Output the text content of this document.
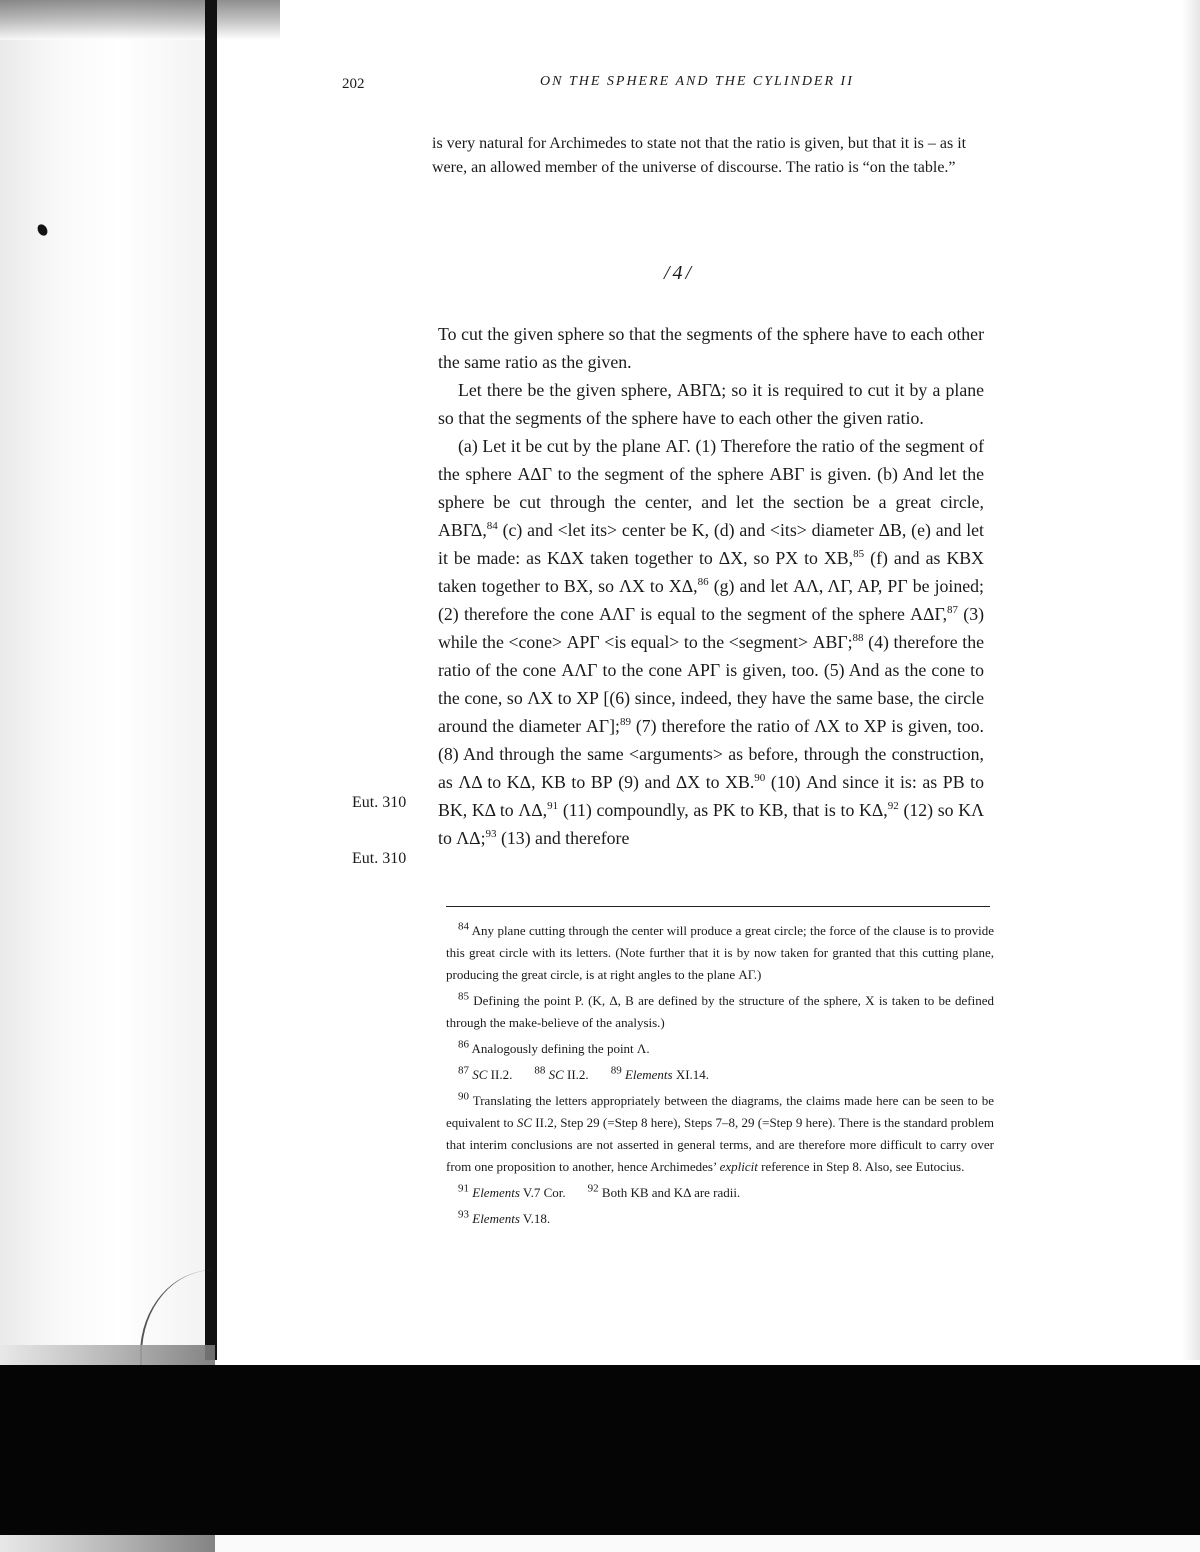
202	ON THE SPHERE AND THE CYLINDER II

is very natural for Archimedes to state not that the ratio is given, but that it is – as it were, an allowed member of the universe of discourse. The ratio is “on the table.”

/4/

To cut the given sphere so that the segments of the sphere have to each other the same ratio as the given.

Let there be the given sphere, ΑΒΓΔ; so it is required to cut it by a plane so that the segments of the sphere have to each other the given ratio.

(a) Let it be cut by the plane ΑΓ. (1) Therefore the ratio of the segment of the sphere ΑΔΓ to the segment of the sphere ΑΒΓ is given. (b) And let the sphere be cut through the center, and let the section be a great circle, ΑΒΓΔ,$^{84}$ (c) and <let its> center be K, (d) and <its> diameter ΔΒ, (e) and let it be made: as ΚΔΧ taken together to ΔΧ, so ΡΧ to ΧΒ,$^{85}$ (f) and as ΚΒΧ taken together to ΒΧ, so ΛΧ to ΧΔ,$^{86}$ (g) and let ΑΛ, ΛΓ, ΑΡ, ΡΓ be joined; (2) therefore the cone ΑΛΓ is equal to the segment of the sphere ΑΔΓ,$^{87}$ (3) while the <cone> ΑΡΓ <is equal> to the <segment> ΑΒΓ;$^{88}$ (4) therefore the ratio of the cone ΑΛΓ to the cone ΑΡΓ is given, too. (5) And as the cone to the cone, so ΛΧ to ΧΡ [(6) since, indeed, they have the same base, the circle around the diameter ΑΓ];$^{89}$ (7) therefore the ratio of ΛΧ to ΧΡ is given, too. (8) And through the same <arguments> as before, through the construction, as ΛΔ to ΚΔ, ΚΒ to ΒΡ (9) and ΔΧ to ΧΒ.$^{90}$ (10) And since it is: as ΡΒ to ΒΚ, ΚΔ to ΛΔ,$^{91}$ (11) compoundly, as ΡΚ to ΚΒ, that is to ΚΔ,$^{92}$ (12) so ΚΛ to ΛΔ;$^{93}$ (13) and therefore

Eut. 310
Eut. 310

$^{84}$ Any plane cutting through the center will produce a great circle; the force of the clause is to provide this great circle with its letters. (Note further that it is by now taken for granted that this cutting plane, producing the great circle, is at right angles to the plane ΑΓ.)

$^{85}$ Defining the point P. (K, Δ, B are defined by the structure of the sphere, X is taken to be defined through the make-believe of the analysis.)

$^{86}$ Analogously defining the point Λ.

$^{87}$ SC II.2. $^{88}$ SC II.2. $^{89}$ Elements XI.14.

$^{90}$ Translating the letters appropriately between the diagrams, the claims made here can be seen to be equivalent to SC II.2, Step 29 (=Step 8 here), Steps 7–8, 29 (=Step 9 here). There is the standard problem that interim conclusions are not asserted in general terms, and are therefore more difficult to carry over from one proposition to another, hence Archimedes’ explicit reference in Step 8. Also, see Eutocius.

$^{91}$ Elements V.7 Cor. $^{92}$ Both KB and KΔ are radii.

$^{93}$ Elements V.18.
